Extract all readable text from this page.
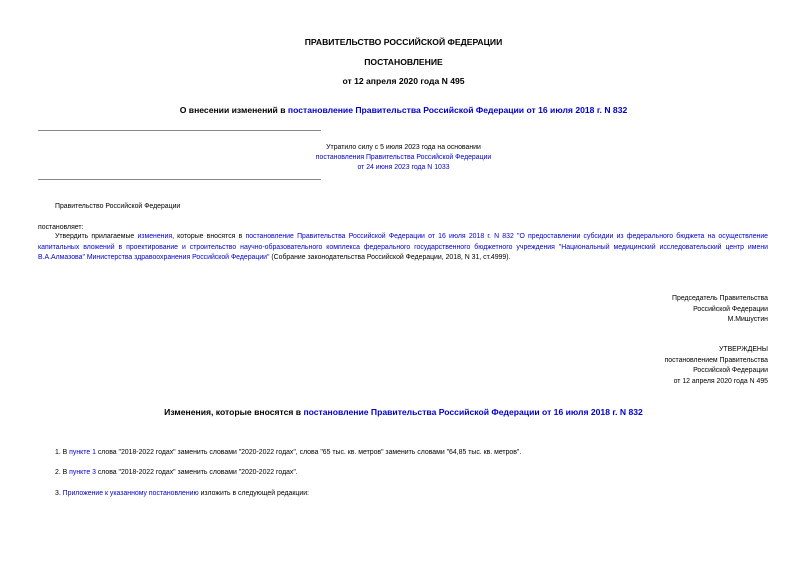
ПРАВИТЕЛЬСТВО РОССИЙСКОЙ ФЕДЕРАЦИИ
ПОСТАНОВЛЕНИЕ
от 12 апреля 2020 года N 495
О внесении изменений в постановление Правительства Российской Федерации от 16 июля 2018 г. N 832
Утратило силу с 5 июля 2023 года на основании
постановления Правительства Российской Федерации
от 24 июня 2023 года N 1033
Правительство Российской Федерации
постановляет:
Утвердить прилагаемые изменения, которые вносятся в постановление Правительства Российской Федерации от 16 июля 2018 г. N 832 "О предоставлении субсидии из федерального бюджета на осуществление капитальных вложений в проектирование и строительство научно-образовательного комплекса федерального государственного бюджетного учреждения "Национальный медицинский исследовательский центр имени В.А.Алмазова" Министерства здравоохранения Российской Федерации" (Собрание законодательства Российской Федерации, 2018, N 31, ст.4999).
Председатель Правительства
Российской Федерации
М.Мишустин
УТВЕРЖДЕНЫ
постановлением Правительства
Российской Федерации
от 12 апреля 2020 года N 495
Изменения, которые вносятся в постановление Правительства Российской Федерации от 16 июля 2018 г. N 832
1. В пункте 1 слова "2018-2022 годах" заменить словами "2020-2022 годах", слова "65 тыс. кв. метров" заменить словами "64,85 тыс. кв. метров".
2. В пункте 3 слова "2018-2022 годах" заменить словами "2020-2022 годах".
3. Приложение к указанному постановлению изложить в следующей редакции:
